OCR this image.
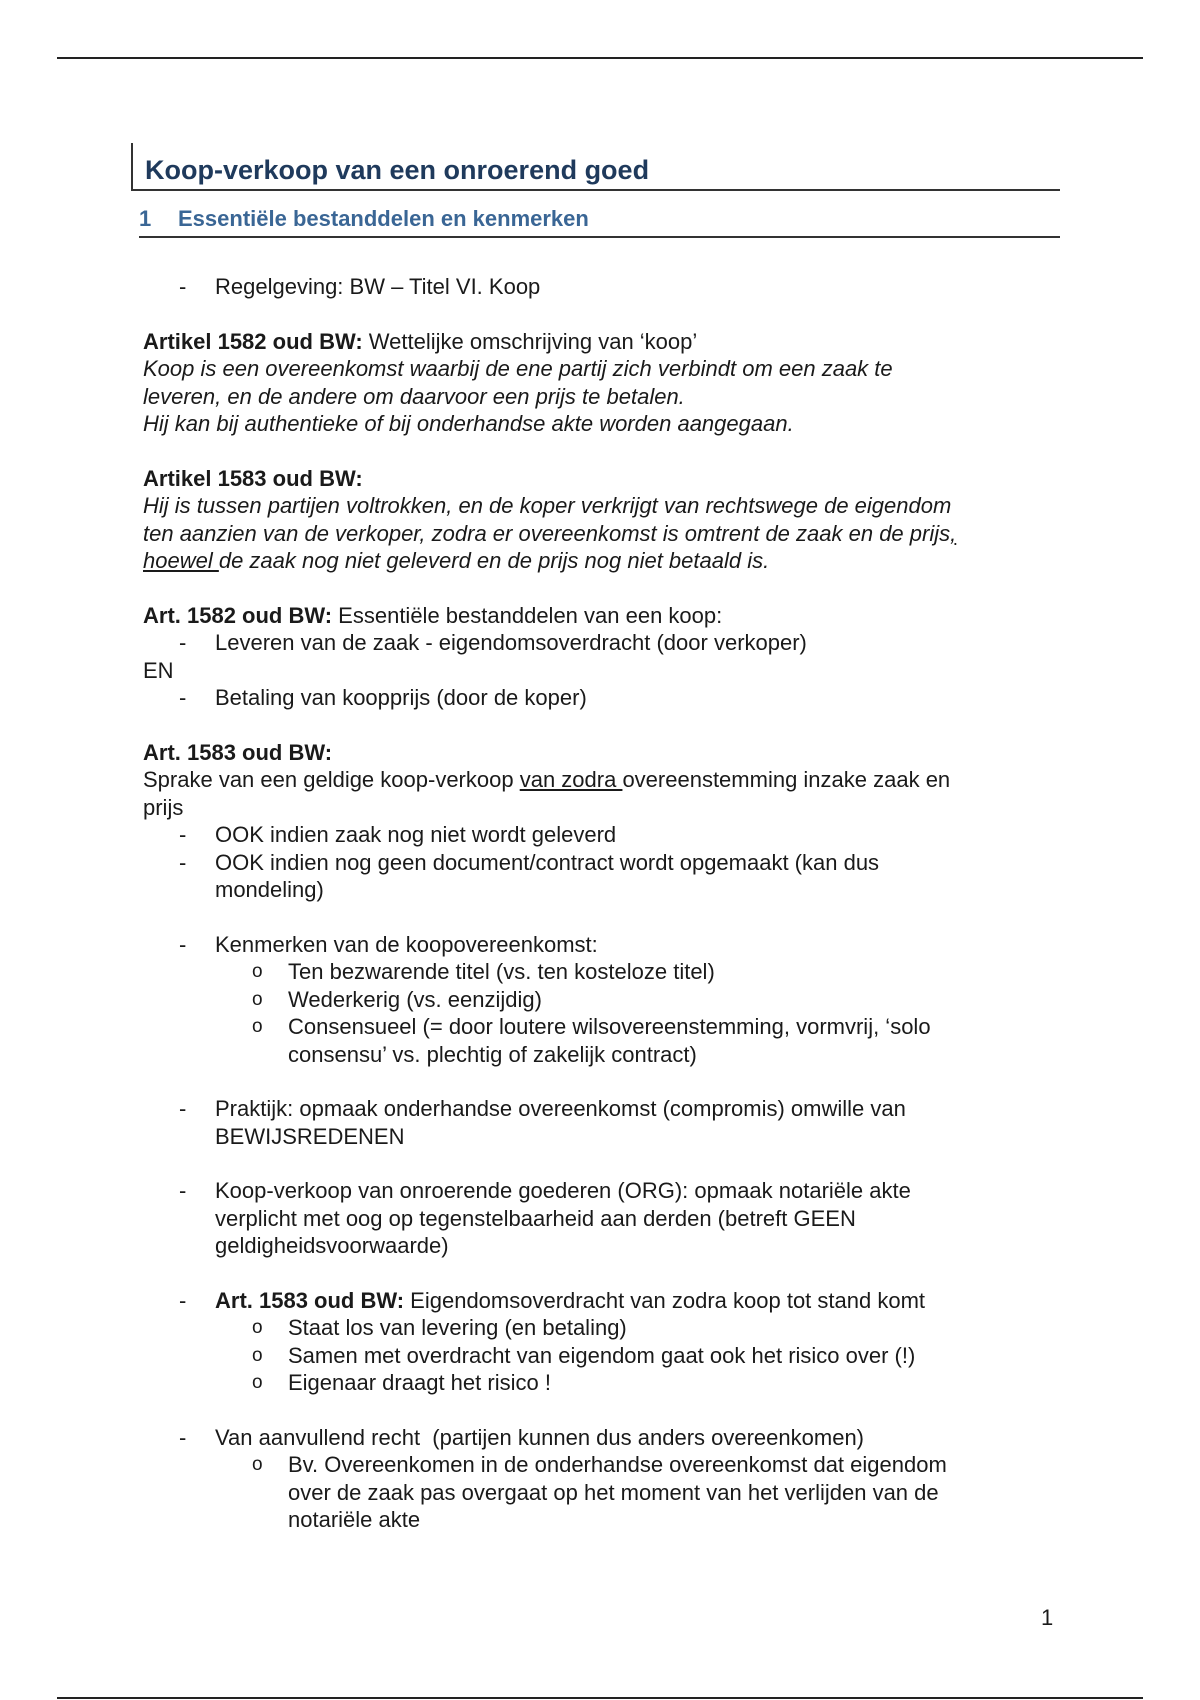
Koop-verkoop van een onroerend goed
1 Essentiële bestanddelen en kenmerken
- Regelgeving: BW – Titel VI. Koop
Artikel 1582 oud BW: Wettelijke omschrijving van ‘koop’
Koop is een overeenkomst waarbij de ene partij zich verbindt om een zaak te
leveren, en de andere om daarvoor een prijs te betalen.
Hij kan bij authentieke of bij onderhandse akte worden aangegaan.
Artikel 1583 oud BW:
Hij is tussen partijen voltrokken, en de koper verkrijgt van rechtswege de eigendom
ten aanzien van de verkoper, zodra er overeenkomst is omtrent de zaak en de prijs,
hoewel de zaak nog niet geleverd en de prijs nog niet betaald is.
Art. 1582 oud BW: Essentiële bestanddelen van een koop:
- Leveren van de zaak - eigendomsoverdracht (door verkoper)
EN
- Betaling van koopprijs (door de koper)
Art. 1583 oud BW:
Sprake van een geldige koop-verkoop van zodra overeenstemming inzake zaak en
prijs
- OOK indien zaak nog niet wordt geleverd
- OOK indien nog geen document/contract wordt opgemaakt (kan dus mondeling)
- Kenmerken van de koopovereenkomst:
o Ten bezwarende titel (vs. ten kosteloze titel)
o Wederkerig (vs. eenzijdig)
o Consensueel (= door loutere wilsovereenstemming, vormvrij, ‘solo consensu’ vs. plechtig of zakelijk contract)
- Praktijk: opmaak onderhandse overeenkomst (compromis) omwille van BEWIJSREDENEN
- Koop-verkoop van onroerende goederen (ORG): opmaak notariële akte verplicht met oog op tegenstelbaarheid aan derden (betreft GEEN geldigheidsvoorwaarde)
- Art. 1583 oud BW: Eigendomsoverdracht van zodra koop tot stand komt
o Staat los van levering (en betaling)
o Samen met overdracht van eigendom gaat ook het risico over (!)
o Eigenaar draagt het risico !
- Van aanvullend recht  (partijen kunnen dus anders overeenkomen)
o Bv. Overeenkomen in de onderhandse overeenkomst dat eigendom over de zaak pas overgaat op het moment van het verlijden van de notariële akte
1
